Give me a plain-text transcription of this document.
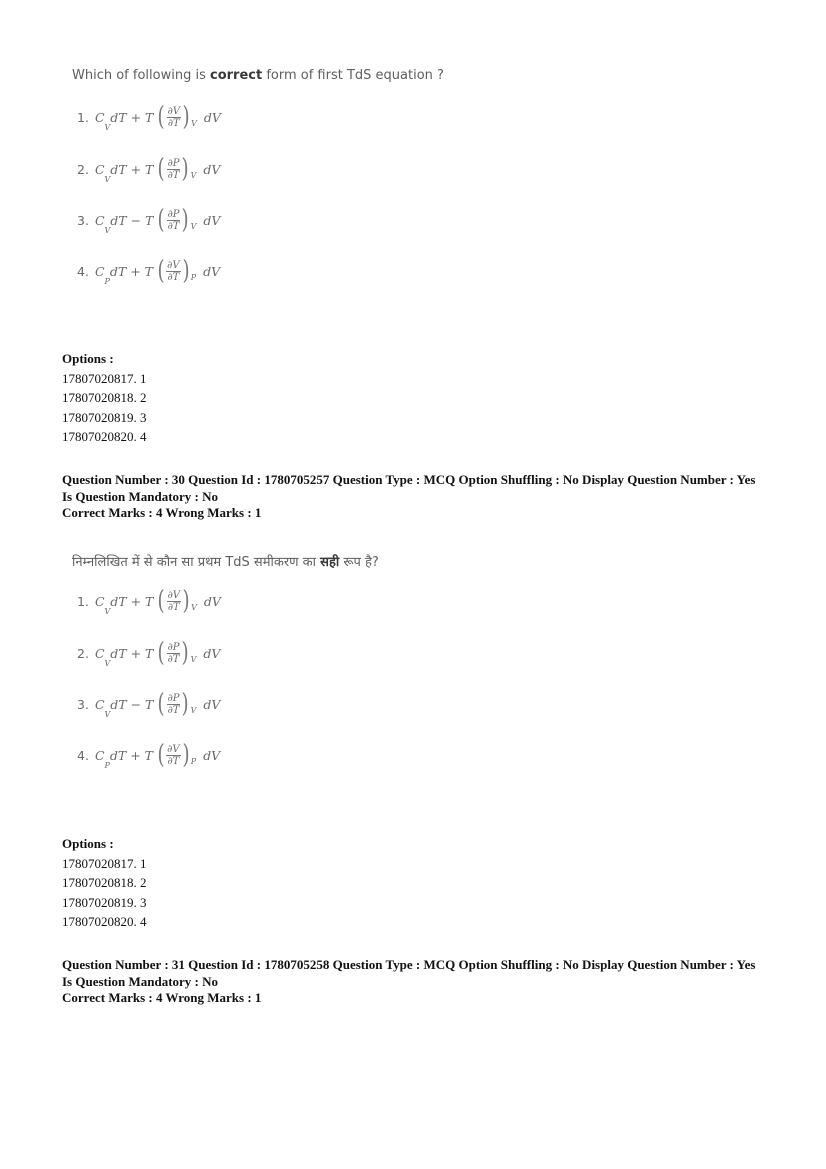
Which of following is correct form of first TdS equation ?
1. C
V
dT + T ( $\frac{\partial V}{\partial T}$ ) V dV
2. C
V
dT + T ( $\frac{\partial P}{\partial T}$ ) V dV
3. C
V
dT − T ( $\frac{\partial P}{\partial T}$ ) V dV
4. C
P
dT + T ( $\frac{\partial V}{\partial T}$ ) P dV
Options :
17807020817. 1
17807020818. 2
17807020819. 3
17807020820. 4
Question Number : 30 Question Id : 1780705257 Question Type : MCQ Option Shuffling : No Display Question Number : Yes
Is Question Mandatory : No
Correct Marks : 4 Wrong Marks : 1
निम्नलिखित में से कौन सा प्रथम TdS समीकरण का सही रूप है?
1. C
V
dT + T ( $\frac{\partial V}{\partial T}$ ) V dV
2. C
V
dT + T ( $\frac{\partial P}{\partial T}$ ) V dV
3. C
V
dT − T ( $\frac{\partial P}{\partial T}$ ) V dV
4. C
P
dT + T ( $\frac{\partial V}{\partial T}$ ) P dV
Options :
17807020817. 1
17807020818. 2
17807020819. 3
17807020820. 4
Question Number : 31 Question Id : 1780705258 Question Type : MCQ Option Shuffling : No Display Question Number : Yes
Is Question Mandatory : No
Correct Marks : 4 Wrong Marks : 1
